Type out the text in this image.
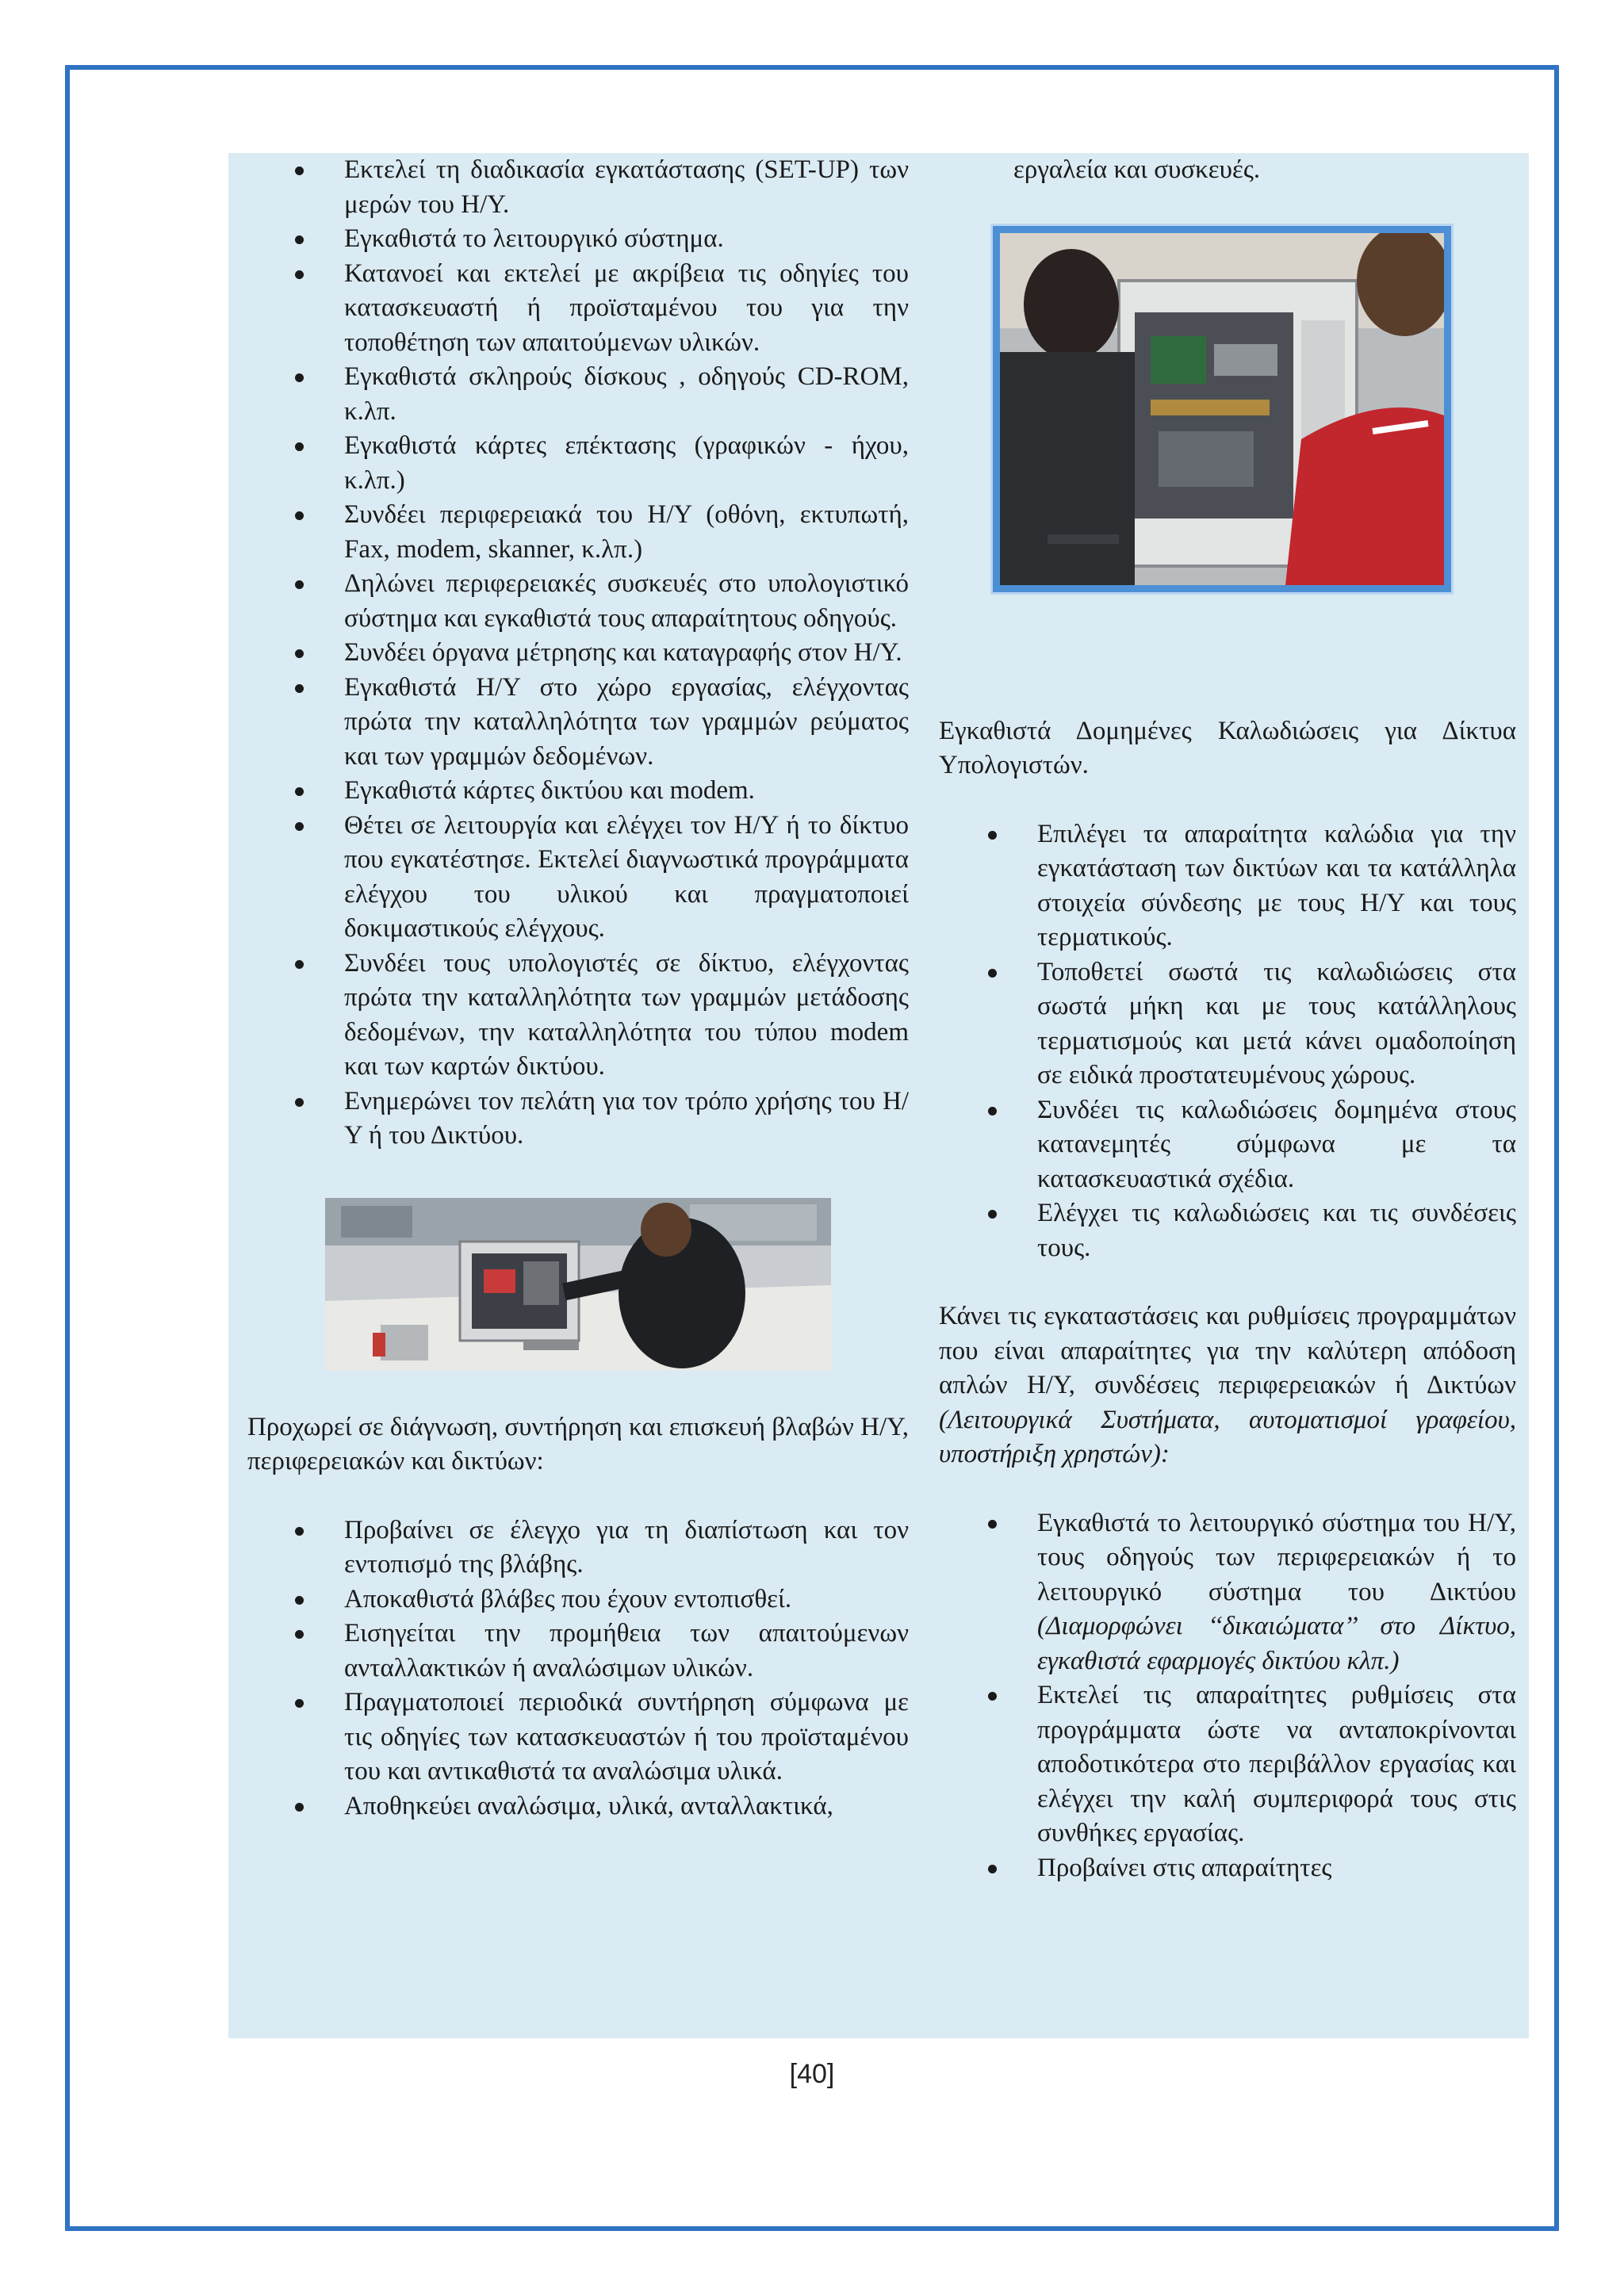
Εκτελεί τη διαδικασία εγκατάστασης (SET-UP) των μερών του Η/Υ.
Εγκαθιστά το λειτουργικό σύστημα.
Κατανοεί και εκτελεί με ακρίβεια τις οδηγίες του κατασκευαστή ή προϊσταμένου του για την τοποθέτηση των απαιτούμενων υλικών.
Εγκαθιστά σκληρούς δίσκους , οδηγούς CD-ROM, κ.λπ.
Εγκαθιστά κάρτες επέκτασης (γραφικών - ήχου, κ.λπ.)
Συνδέει περιφερειακά του Η/Υ (οθόνη, εκτυπωτή, Fax, modem, skanner, κ.λπ.)
Δηλώνει περιφερειακές συσκευές στο υπολογιστικό σύστημα και εγκαθιστά τους απαραίτητους οδηγούς.
Συνδέει όργανα μέτρησης και καταγραφής στον Η/Υ.
Εγκαθιστά Η/Υ στο χώρο εργασίας, ελέγχοντας πρώτα την καταλληλότητα των γραμμών ρεύματος και των γραμμών δεδομένων.
Εγκαθιστά κάρτες δικτύου και modem.
Θέτει σε λειτουργία και ελέγχει τον Η/Υ ή το δίκτυο που εγκατέστησε. Εκτελεί διαγνωστικά προγράμματα ελέγχου του υλικού και πραγματοποιεί δοκιμαστικούς ελέγχους.
Συνδέει τους υπολογιστές σε δίκτυο, ελέγχοντας πρώτα την καταλληλότητα των γραμμών μετάδοσης δεδομένων, την καταλληλότητα του τύπου modem και των καρτών δικτύου.
Ενημερώνει τον πελάτη για τον τρόπο χρήσης του Η/Υ ή του Δικτύου.

Προχωρεί σε διάγνωση, συντήρηση και επισκευή βλαβών Η/Υ, περιφερειακών και δικτύων:

Προβαίνει σε έλεγχο για τη διαπίστωση και τον εντοπισμό της βλάβης.
Αποκαθιστά βλάβες που έχουν εντοπισθεί.
Εισηγείται την προμήθεια των απαιτούμενων ανταλλακτικών ή αναλώσιμων υλικών.
Πραγματοποιεί περιοδικά συντήρηση σύμφωνα με τις οδηγίες των κατασκευαστών ή του προϊσταμένου του και αντικαθιστά τα αναλώσιμα υλικά.
Αποθηκεύει αναλώσιμα, υλικά, ανταλλακτικά,

εργαλεία και συσκευές.

Εγκαθιστά Δομημένες Καλωδιώσεις για Δίκτυα Υπολογιστών.

Επιλέγει τα απαραίτητα καλώδια για την εγκατάσταση των δικτύων και τα κατάλληλα στοιχεία σύνδεσης με τους Η/Υ και τους τερματικούς.
Τοποθετεί σωστά τις καλωδιώσεις στα σωστά μήκη και με τους κατάλληλους τερματισμούς και μετά κάνει ομαδοποίηση σε ειδικά προστατευμένους χώρους.
Συνδέει τις καλωδιώσεις δομημένα στους κατανεμητές σύμφωνα με τα κατασκευαστικά σχέδια.
Ελέγχει τις καλωδιώσεις και τις συνδέσεις τους.

Κάνει τις εγκαταστάσεις και ρυθμίσεις προγραμμάτων που είναι απαραίτητες για την καλύτερη απόδοση απλών Η/Υ, συνδέσεις περιφερειακών ή Δικτύων (Λειτουργικά Συστήματα, αυτοματισμοί γραφείου, υποστήριξη χρηστών):

Εγκαθιστά το λειτουργικό σύστημα του Η/Υ, τους οδηγούς των περιφερειακών ή το λειτουργικό σύστημα του Δικτύου (Διαμορφώνει ‘‘δικαιώματα’’ στο Δίκτυο, εγκαθιστά εφαρμογές δικτύου κλπ.)
Εκτελεί τις απαραίτητες ρυθμίσεις στα προγράμματα ώστε να ανταποκρίνονται αποδοτικότερα στο περιβάλλον εργασίας και ελέγχει την καλή συμπεριφορά τους στις συνθήκες εργασίας.
Προβαίνει στις απαραίτητες
[40]
